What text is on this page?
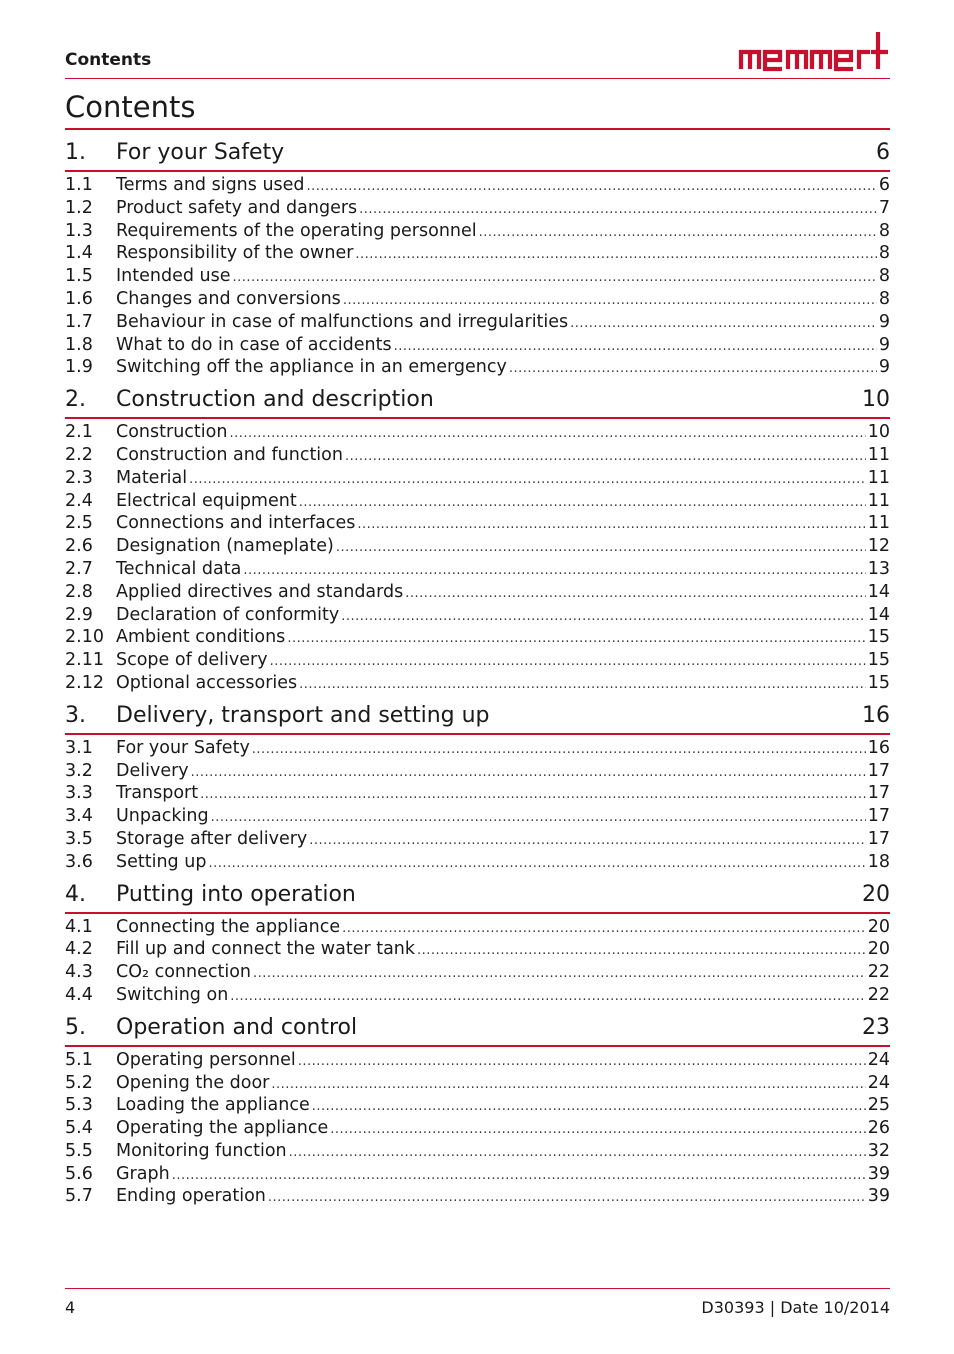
Contents
Contents
1.	For your Safety	6
1.1	Terms and signs used .....	6
1.2	Product safety and dangers .....	7
1.3	Requirements of the operating personnel .....	8
1.4	Responsibility of the owner .....	8
1.5	Intended use .....	8
1.6	Changes and conversions .....	8
1.7	Behaviour in case of malfunctions and irregularities .....	9
1.8	What to do in case of accidents .....	9
1.9	Switching off the appliance in an emergency .....	9
2.	Construction and description	10
2.1	Construction .....	10
2.2	Construction and function .....	11
2.3	Material .....	11
2.4	Electrical equipment .....	11
2.5	Connections and interfaces .....	11
2.6	Designation (nameplate) .....	12
2.7	Technical data .....	13
2.8	Applied directives and standards .....	14
2.9	Declaration of conformity .....	14
2.10 Ambient conditions .....	15
2.11 Scope of delivery .....	15
2.12 Optional accessories .....	15
3.	Delivery, transport and setting up	16
3.1	For your Safety .....	16
3.2	Delivery .....	17
3.3	Transport .....	17
3.4	Unpacking .....	17
3.5	Storage after delivery .....	17
3.6	Setting up .....	18
4.	Putting into operation	20
4.1	Connecting the appliance .....	20
4.2	Fill up and connect the water tank .....	20
4.3	CO₂ connection .....	22
4.4	Switching on .....	22
5.	Operation and control	23
5.1	Operating personnel .....	24
5.2	Opening the door .....	24
5.3	Loading the appliance .....	25
5.4	Operating the appliance .....	26
5.5	Monitoring function .....	32
5.6	Graph .....	39
5.7	Ending operation .....	39
4	D30393 | Date 10/2014
